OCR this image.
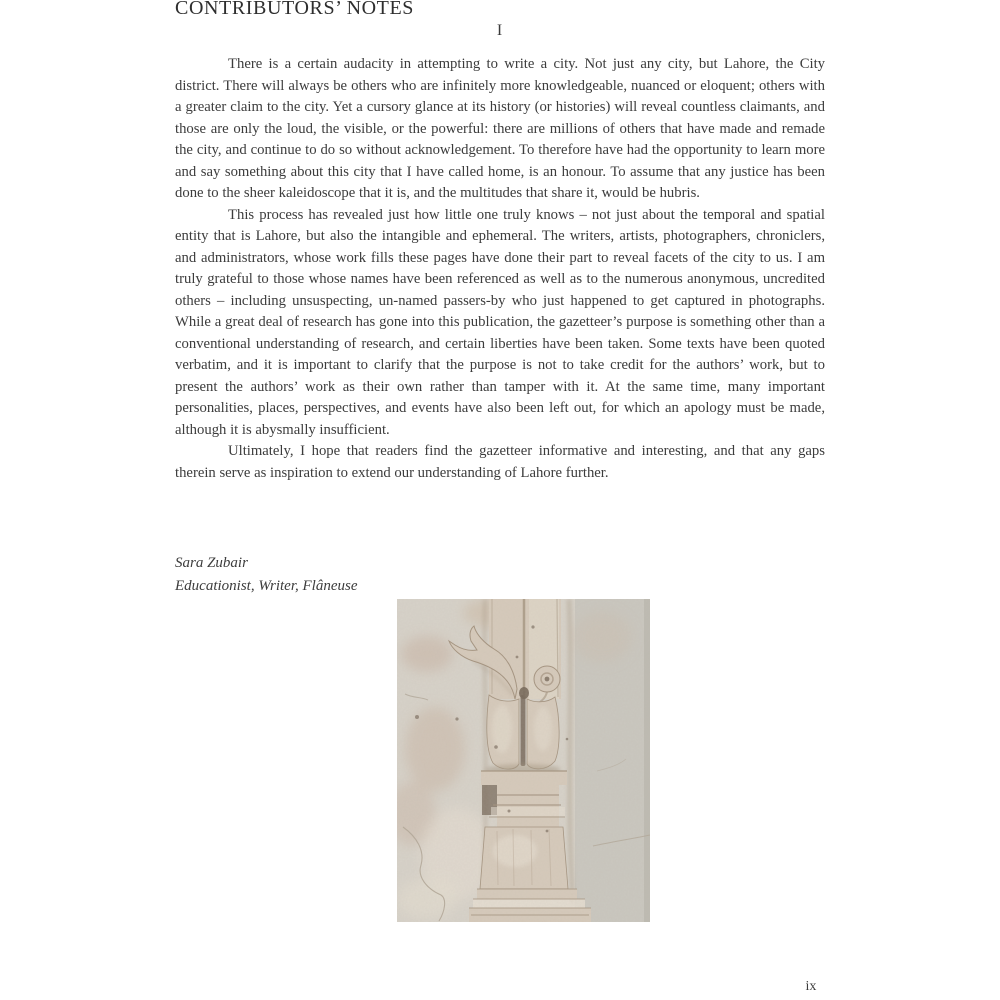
CONTRIBUTORS’ NOTES
I

There is a certain audacity in attempting to write a city. Not just any city, but Lahore, the City district. There will always be others who are infinitely more knowledgeable, nuanced or eloquent; others with a greater claim to the city. Yet a cursory glance at its history (or histories) will reveal countless claimants, and those are only the loud, the visible, or the powerful: there are millions of others that have made and remade the city, and continue to do so without acknowledgement. To therefore have had the opportunity to learn more and say something about this city that I have called home, is an honour. To assume that any justice has been done to the sheer kaleidoscope that it is, and the multitudes that share it, would be hubris.

This process has revealed just how little one truly knows – not just about the temporal and spatial entity that is Lahore, but also the intangible and ephemeral. The writers, artists, photographers, chroniclers, and administrators, whose work fills these pages have done their part to reveal facets of the city to us. I am truly grateful to those whose names have been referenced as well as to the numerous anonymous, uncredited others – including unsuspecting, un-named passers-by who just happened to get captured in photographs. While a great deal of research has gone into this publication, the gazetteer’s purpose is something other than a conventional understanding of research, and certain liberties have been taken. Some texts have been quoted verbatim, and it is important to clarify that the purpose is not to take credit for the authors’ work, but to present the authors’ work as their own rather than tamper with it. At the same time, many important personalities, places, perspectives, and events have also been left out, for which an apology must be made, although it is abysmally insufficient.

Ultimately, I hope that readers find the gazetteer informative and interesting, and that any gaps therein serve as inspiration to extend our understanding of Lahore further.

Sara Zubair
Educationist, Writer, Flâneuse
ix
